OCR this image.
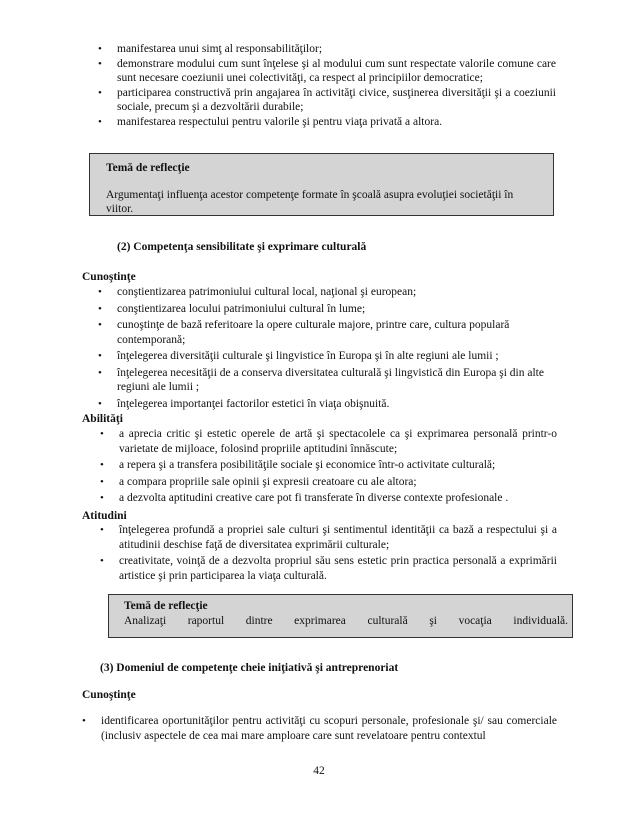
• manifestarea unui simţ al responsabilităţilor;
• demonstrare modului cum sunt înţelese şi al modului cum sunt respectate valorile comune care sunt necesare coeziunii unei colectivităţi, ca respect al principiilor democratice;
• participarea constructivă prin angajarea în activităţi civice, susţinerea diversităţii şi a coeziunii sociale, precum şi a dezvoltării durabile;
• manifestarea respectului pentru valorile şi pentru viaţa privată a altora.
Temă de reflecţie
Argumentaţi influenţa acestor competenţe formate în şcoală asupra evoluţiei societăţii în viitor.
(2) Competenţa sensibilitate şi exprimare culturală
Cunoştinţe
• conştientizarea patrimoniului cultural local, naţional şi european;
• conştientizarea locului patrimoniului cultural în lume;
• cunoştinţe de bază referitoare la opere culturale majore, printre care, cultura populară contemporană;
• înţelegerea diversităţii culturale şi lingvistice în Europa şi în alte regiuni ale lumii ;
• înţelegerea necesităţii de a conserva diversitatea culturală şi lingvistică din Europa şi din alte regiuni ale lumii ;
• înţelegerea importanţei factorilor estetici în viaţa obişnuită.
Abilităţi
• a aprecia critic şi estetic operele de artă şi spectacolele ca şi exprimarea personală printr-o varietate de mijloace, folosind propriile aptitudini înnăscute;
• a repera şi a transfera posibilităţile sociale şi economice într-o activitate culturală;
• a compara propriile sale opinii şi expresii creatoare cu ale altora;
• a dezvolta aptitudini creative care pot fi transferate în diverse contexte profesionale .
Atitudini
• înţelegerea profundă a propriei sale culturi şi sentimentul identităţii ca bază a respectului şi a atitudinii deschise faţă de diversitatea exprimării culturale;
• creativitate, voinţă de a dezvolta propriul său sens estetic prin practica personală a exprimării artistice şi prin participarea la viaţa culturală.
Temă de reflecţie
Analizaţi raportul dintre exprimarea culturală şi vocaţia individuală.
(3) Domeniul de competenţe cheie iniţiativă şi antreprenoriat
Cunoştinţe
• identificarea oportunităţilor pentru activităţi cu scopuri personale, profesionale şi/ sau comerciale (inclusiv aspectele de cea mai mare amploare care sunt revelatoare pentru contextul
42
